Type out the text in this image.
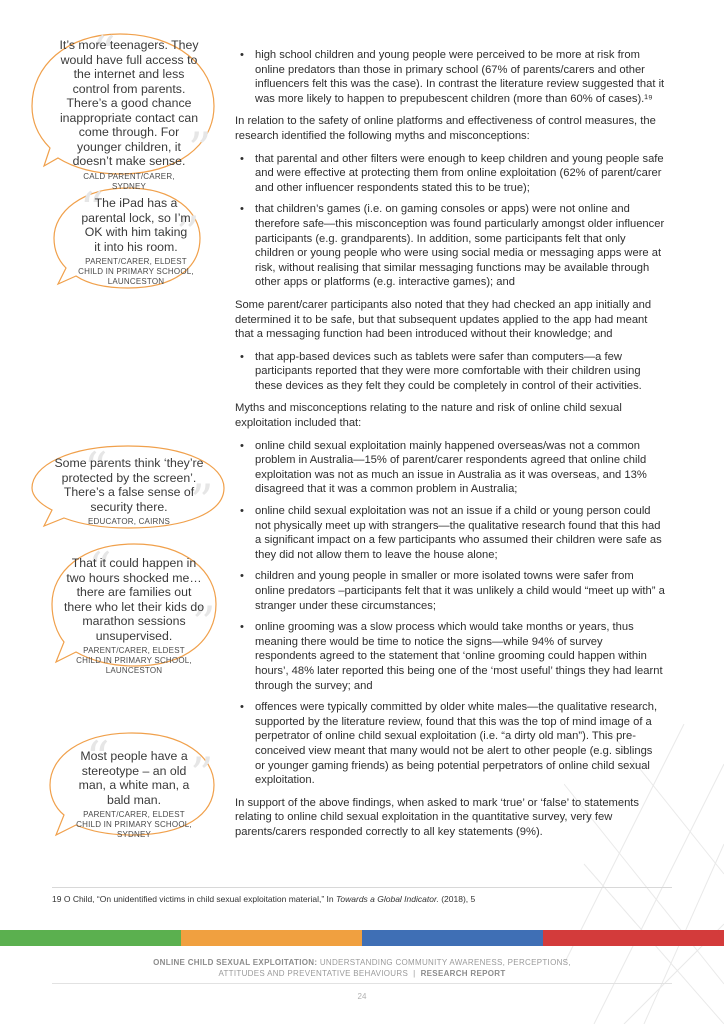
“
”
It’s more teenagers. They would have full access to the internet and less control from parents. There’s a good chance inappropriate contact can come through. For younger children, it doesn’t make sense.
CALD PARENT/CARER, SYDNEY
“ ”
The iPad has a parental lock, so I’m OK with him taking it into his room.
PARENT/CARER, ELDEST CHILD IN PRIMARY SCHOOL, LAUNCESTON
“
”
Some parents think ‘they’re protected by the screen’. There’s a false sense of security there.
EDUCATOR, CAIRNS
“
”
That it could happen in two hours shocked me… there are families out there who let their kids do marathon sessions unsupervised.
PARENT/CARER, ELDEST CHILD IN PRIMARY SCHOOL, LAUNCESTON
“ ”
Most people have a stereotype – an old man, a white man, a bald man.
PARENT/CARER, ELDEST CHILD IN PRIMARY SCHOOL, SYDNEY
• high school children and young people were perceived to be more at risk from online predators than those in primary school (67% of parents/carers and other influencers felt this was the case). In contrast the literature review suggested that it was more likely to happen to prepubescent children (more than 60% of cases).¹⁹

In relation to the safety of online platforms and effectiveness of control measures, the research identified the following myths and misconceptions:

• that parental and other filters were enough to keep children and young people safe and were effective at protecting them from online exploitation (62% of parent/carer and other influencer respondents stated this to be true);
• that children’s games (i.e. on gaming consoles or apps) were not online and therefore safe—this misconception was found particularly amongst older influencer participants (e.g. grandparents). In addition, some participants felt that only children or young people who were using social media or messaging apps were at risk, without realising that similar messaging functions may be available through other apps or platforms (e.g. interactive games); and

Some parent/carer participants also noted that they had checked an app initially and determined it to be safe, but that subsequent updates applied to the app had meant that a messaging function had been introduced without their knowledge; and

• that app-based devices such as tablets were safer than computers—a few participants reported that they were more comfortable with their children using these devices as they felt they could be completely in control of their activities.

Myths and misconceptions relating to the nature and risk of online child sexual exploitation included that:

• online child sexual exploitation mainly happened overseas/was not a common problem in Australia—15% of parent/carer respondents agreed that online child exploitation was not as much an issue in Australia as it was overseas, and 13% disagreed that it was a common problem in Australia;
• online child sexual exploitation was not an issue if a child or young person could not physically meet up with strangers—the qualitative research found that this had a significant impact on a few participants who assumed their children were safe as they did not allow them to leave the house alone;
• children and young people in smaller or more isolated towns were safer from online predators –participants felt that it was unlikely a child would “meet up with” a stranger under these circumstances;
• online grooming was a slow process which would take months or years, thus meaning there would be time to notice the signs—while 94% of survey respondents agreed to the statement that ‘online grooming could happen within hours’, 48% later reported this being one of the ‘most useful’ things they had learnt through the survey; and
• offences were typically committed by older white males—the qualitative research, supported by the literature review, found that this was the top of mind image of a perpetrator of online child sexual exploitation (i.e. “a dirty old man”). This pre-conceived view meant that many would not be alert to other people (e.g. siblings or younger gaming friends) as being potential perpetrators of online child sexual exploitation.

In support of the above findings, when asked to mark ‘true’ or ‘false’ to statements relating to online child sexual exploitation in the quantitative survey, very few parents/carers responded correctly to all key statements (9%).

19 O Child, “On unidentified victims in child sexual exploitation material,” In Towards a Global Indicator. (2018), 5
ONLINE CHILD SEXUAL EXPLOITATION: UNDERSTANDING COMMUNITY AWARENESS, PERCEPTIONS,
ATTITUDES AND PREVENTATIVE BEHAVIOURS | RESEARCH REPORT
24
